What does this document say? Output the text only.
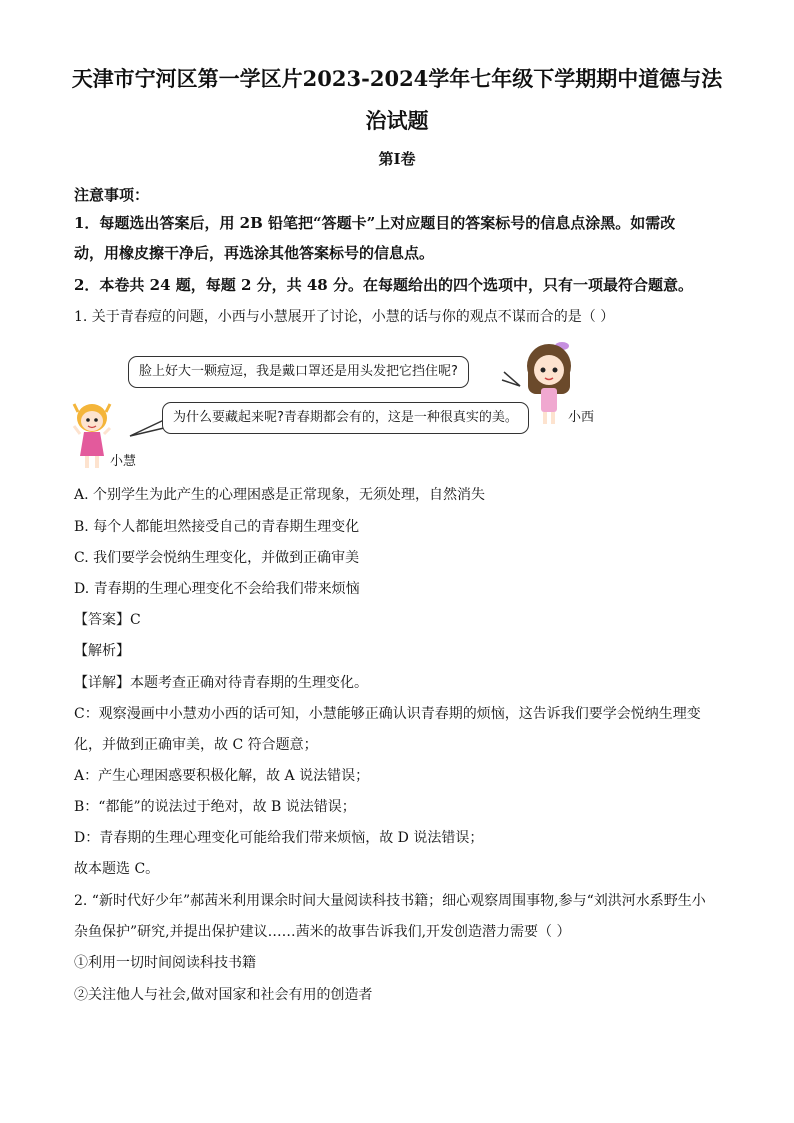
天津市宁河区第一学区片2023-2024学年七年级下学期期中道德与法
治试题
第Ⅰ卷
注意事项：
1．每题选出答案后，用 2B 铅笔把“答题卡”上对应题目的答案标号的信息点涂黑。如需改
动，用橡皮擦干净后，再选涂其他答案标号的信息点。
2．本卷共 24 题，每题 2 分，共 48 分。在每题给出的四个选项中，只有一项最符合题意。
1. 关于青春痘的问题，小西与小慧展开了讨论，小慧的话与你的观点不谋而合的是（ ）
脸上好大一颗痘逗，我是戴口罩还是用头发把它挡住呢?
为什么要藏起来呢?青春期都会有的，这是一种很真实的美。	小西
小慧
A. 个别学生为此产生的心理困惑是正常现象，无须处理，自然消失
B. 每个人都能坦然接受自己的青春期生理变化
C. 我们要学会悦纳生理变化，并做到正确审美
D. 青春期的生理心理变化不会给我们带来烦恼
【答案】C
【解析】
【详解】本题考查正确对待青春期的生理变化。
C：观察漫画中小慧劝小西的话可知，小慧能够正确认识青春期的烦恼，这告诉我们要学会悦纳生理变
化，并做到正确审美，故 C 符合题意；
A：产生心理困惑要积极化解，故 A 说法错误；
B：“都能”的说法过于绝对，故 B 说法错误；
D：青春期的生理心理变化可能给我们带来烦恼，故 D 说法错误；
故本题选 C。
2. “新时代好少年”郝茜米利用课余时间大量阅读科技书籍；细心观察周围事物,参与“刘洪河水系野生小
杂鱼保护”研究,并提出保护建议……茜米的故事告诉我们,开发创造潜力需要（ ）
①利用一切时间阅读科技书籍
②关注他人与社会,做对国家和社会有用的创造者
